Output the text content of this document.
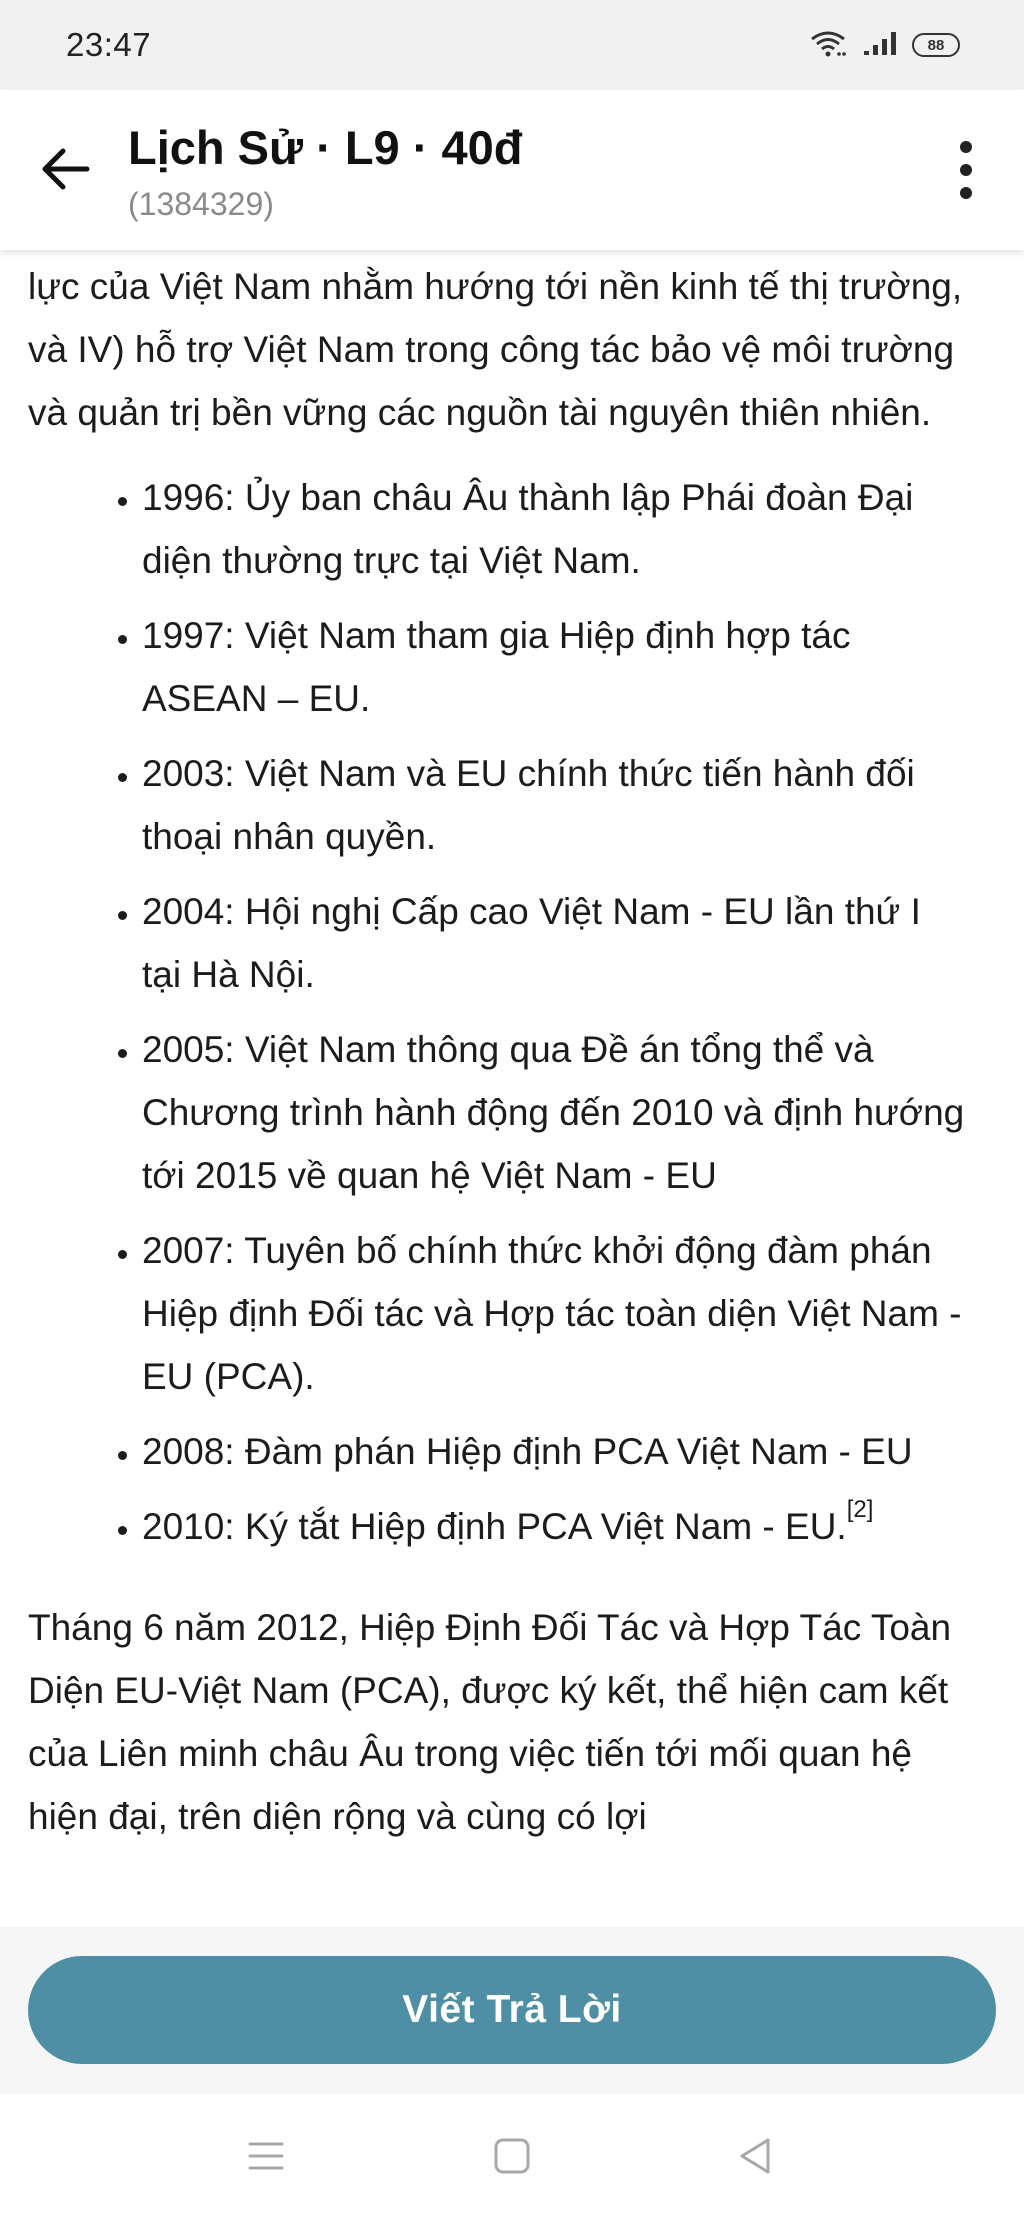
23:47	88
Lịch Sử · L9 · 40đ
(1384329)

lực của Việt Nam nhằm hướng tới nền kinh tế thị trường, và IV) hỗ trợ Việt Nam trong công tác bảo vệ môi trường và quản trị bền vững các nguồn tài nguyên thiên nhiên.

• 1996: Ủy ban châu Âu thành lập Phái đoàn Đại diện thường trực tại Việt Nam.
• 1997: Việt Nam tham gia Hiệp định hợp tác ASEAN – EU.
• 2003: Việt Nam và EU chính thức tiến hành đối thoại nhân quyền.
• 2004: Hội nghị Cấp cao Việt Nam - EU lần thứ I tại Hà Nội.
• 2005: Việt Nam thông qua Đề án tổng thể và Chương trình hành động đến 2010 và định hướng tới 2015 về quan hệ Việt Nam - EU
• 2007: Tuyên bố chính thức khởi động đàm phán Hiệp định Đối tác và Hợp tác toàn diện Việt Nam - EU (PCA).
• 2008: Đàm phán Hiệp định PCA Việt Nam - EU
• 2010: Ký tắt Hiệp định PCA Việt Nam - EU.[2]

Tháng 6 năm 2012, Hiệp Định Đối Tác và Hợp Tác Toàn Diện EU-Việt Nam (PCA), được ký kết, thể hiện cam kết của Liên minh châu Âu trong việc tiến tới mối quan hệ hiện đại, trên diện rộng và cùng có lợi

Viết Trả Lời
